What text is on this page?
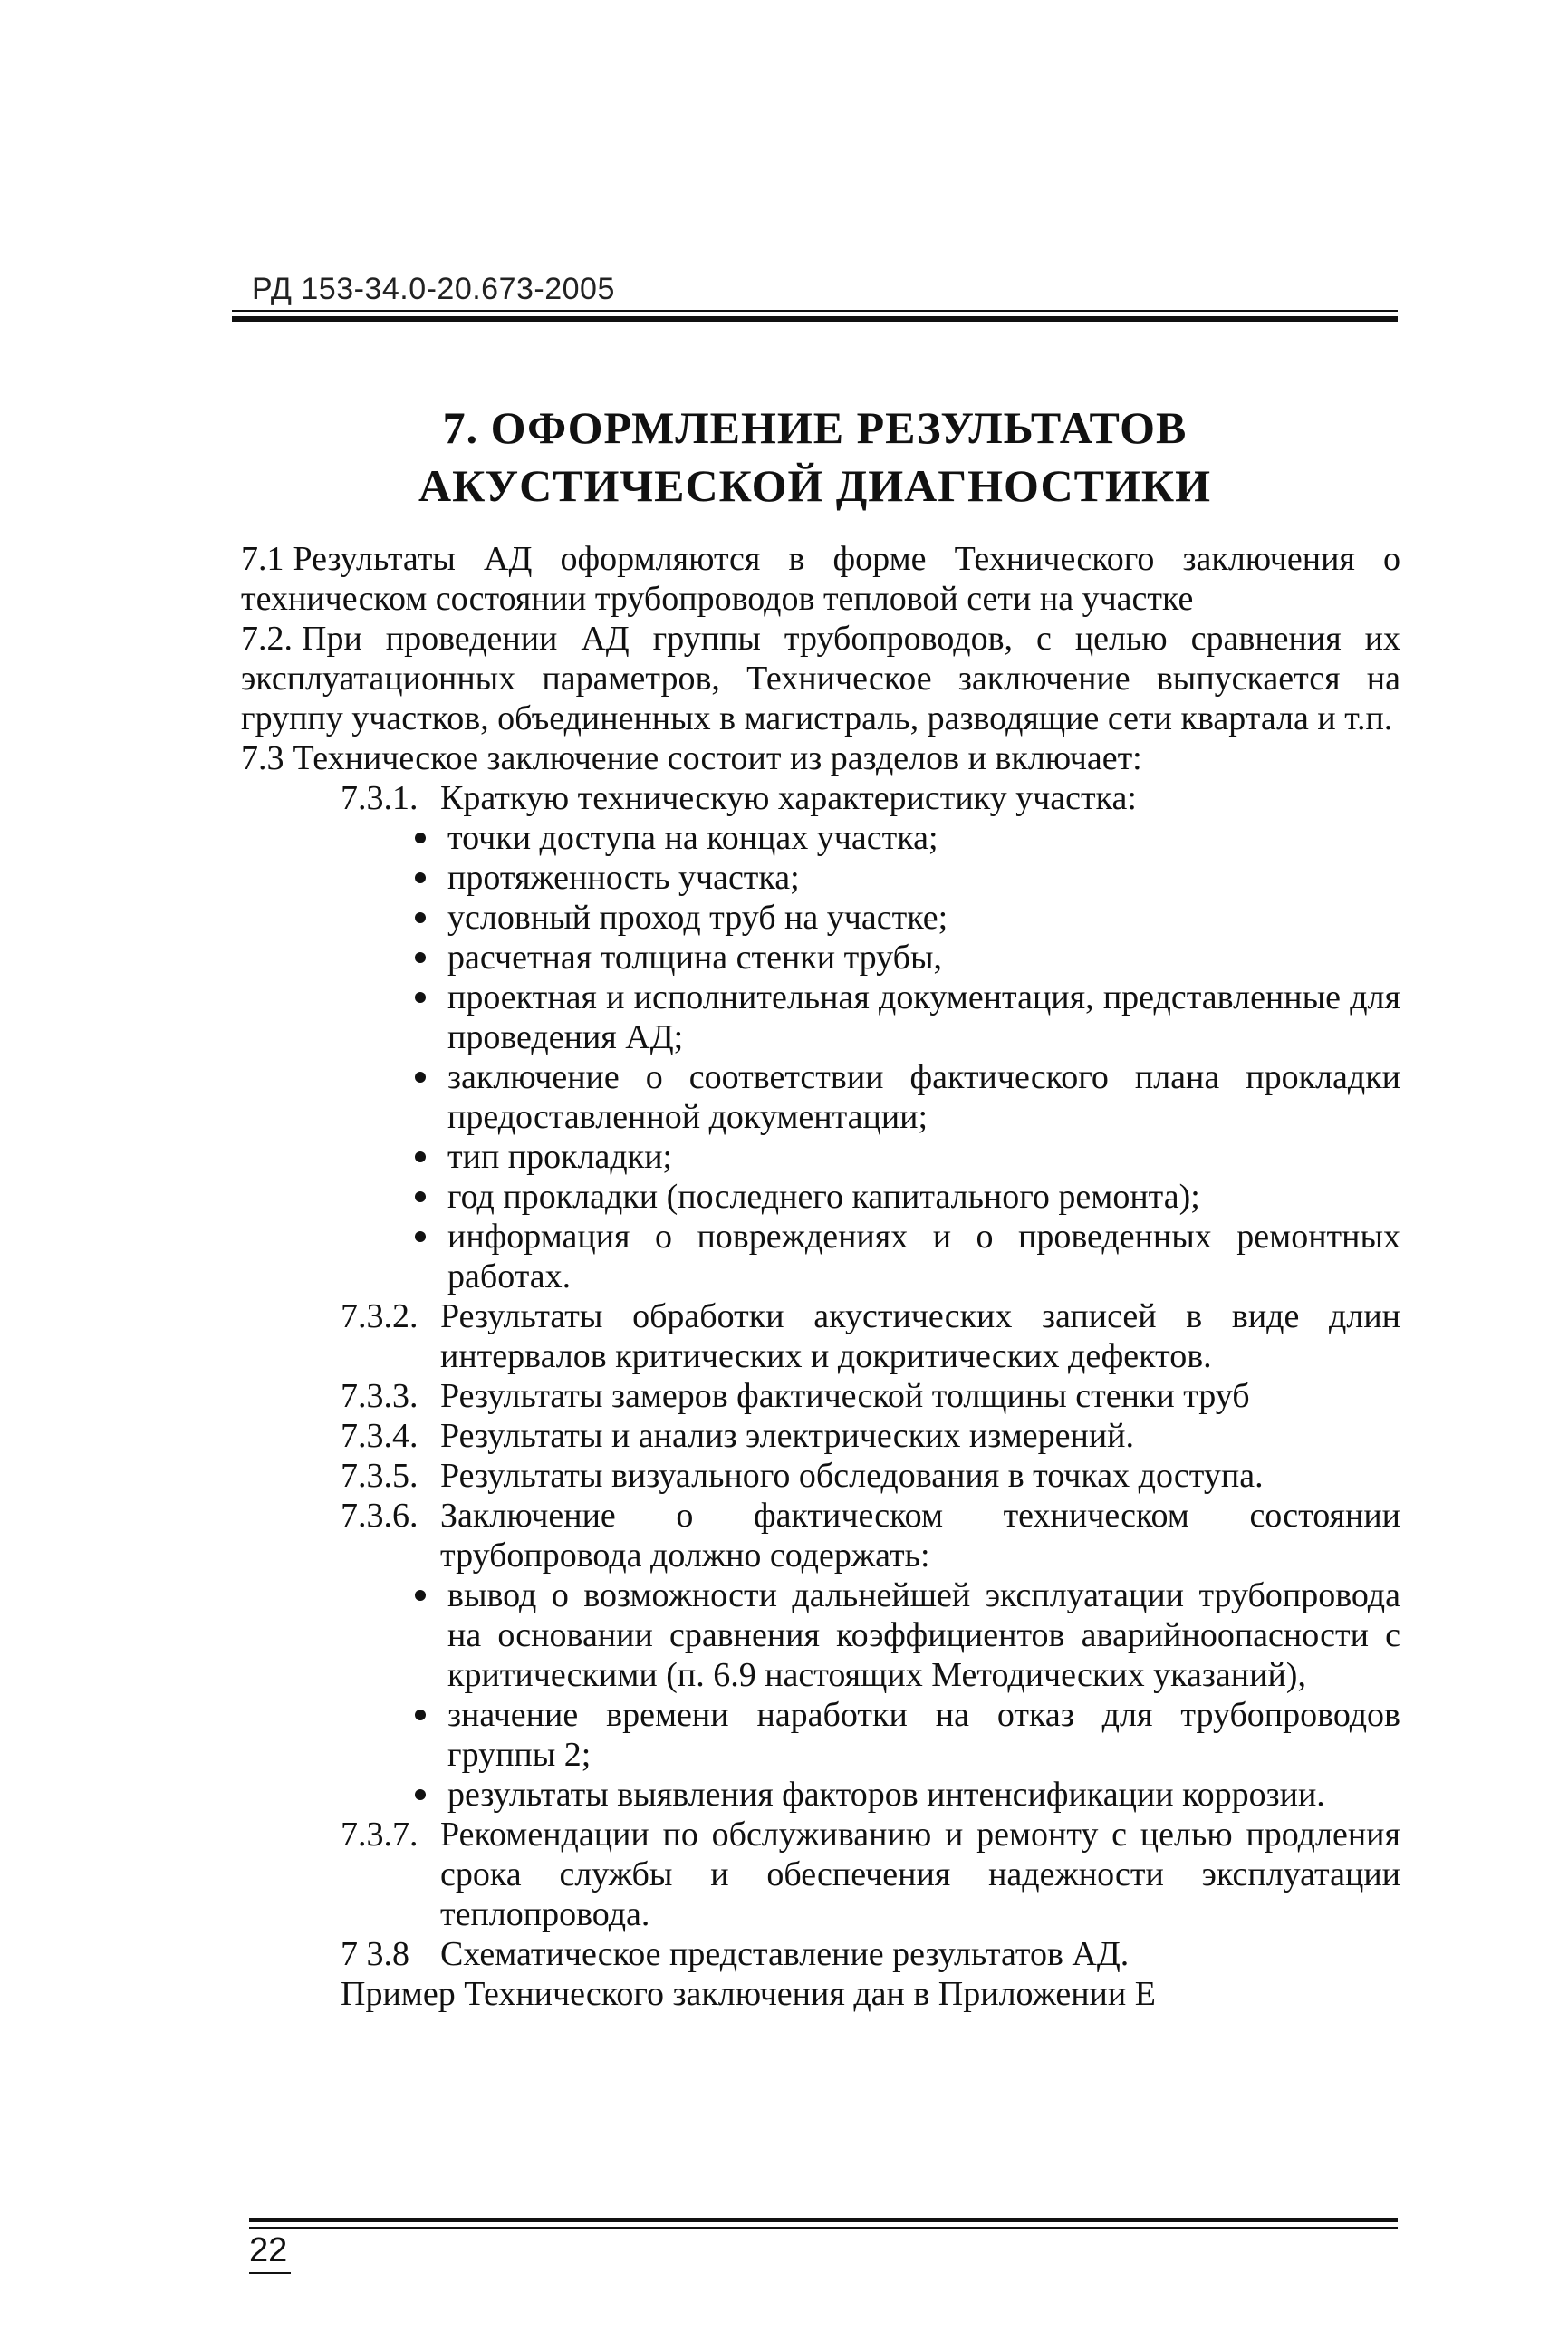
РД 153-34.0-20.673-2005
7. ОФОРМЛЕНИЕ РЕЗУЛЬТАТОВ
АКУСТИЧЕСКОЙ ДИАГНОСТИКИ

7.1 Результаты АД оформляются в форме Технического заключения о техническом состоянии трубопроводов тепловой сети на участке

7.2. При проведении АД группы трубопроводов, с целью сравнения их эксплуатационных параметров, Техническое заключение выпускается на группу участков, объединенных в магистраль, разводящие сети квартала и т.п.

7.3 Техническое заключение состоит из разделов и включает:

7.3.1. Краткую техническую характеристику участка:
точки доступа на концах участка;
протяженность участка;
условный проход труб на участке;
расчетная толщина стенки трубы,
проектная и исполнительная документация, представленные для проведения АД;
заключение о соответствии фактического плана прокладки предоставленной документации;
тип прокладки;
год прокладки (последнего капитального ремонта);
информация о повреждениях и о проведенных ремонтных работах.
7.3.2. Результаты обработки акустических записей в виде длин интервалов критических и докритических дефектов.
7.3.3. Результаты замеров фактической толщины стенки труб
7.3.4. Результаты и анализ электрических измерений.
7.3.5. Результаты визуального обследования в точках доступа.
7.3.6. Заключение о фактическом техническом состоянии трубопровода должно содержать:
вывод о возможности дальнейшей эксплуатации трубопровода на основании сравнения коэффициентов аварийноопасности с критическими (п. 6.9 настоящих Методических указаний),
значение времени наработки на отказ для трубопроводов группы 2;
результаты выявления факторов интенсификации коррозии.
7.3.7. Рекомендации по обслуживанию и ремонту с целью продления срока службы и обеспечения надежности эксплуатации теплопровода.
7 3.8 Схематическое представление результатов АД.
Пример Технического заключения дан в Приложении Е
22
